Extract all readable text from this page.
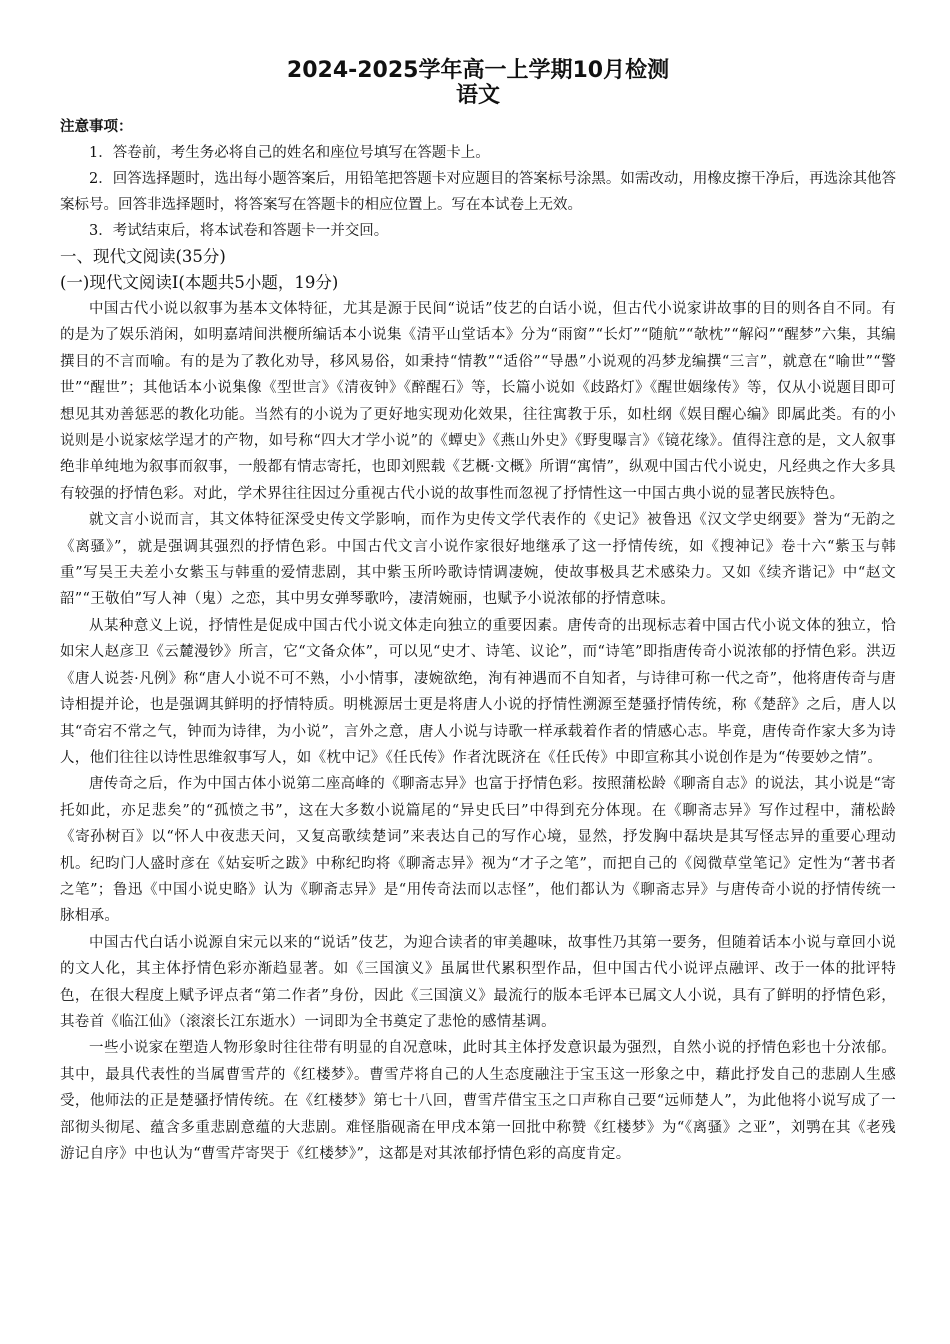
2024-2025学年高一上学期10月检测
语文
注意事项：

1．答卷前，考生务必将自己的姓名和座位号填写在答题卡上。

2．回答选择题时，选出每小题答案后，用铅笔把答题卡对应题目的答案标号涂黑。如需改动，用橡皮擦干净后，再选涂其他答案标号。回答非选择题时，将答案写在答题卡的相应位置上。写在本试卷上无效。

3．考试结束后，将本试卷和答题卡一并交回。

一、现代文阅读(35分)

(一)现代文阅读Ⅰ(本题共5小题，19分)

中国古代小说以叙事为基本文体特征，尤其是源于民间“说话”伎艺的白话小说，但古代小说家讲故事的目的则各自不同。有的是为了娱乐消闲，如明嘉靖间洪楩所编话本小说集《清平山堂话本》分为“雨窗”“长灯”“随航”“欹枕”“解闷”“醒梦”六集，其编撰目的不言而喻。有的是为了教化劝导，移风易俗，如秉持“情教”“适俗”“导愚”小说观的冯梦龙编撰“三言”，就意在“喻世”“警世”“醒世”；其他话本小说集像《型世言》《清夜钟》《醉醒石》等，长篇小说如《歧路灯》《醒世姻缘传》等，仅从小说题目即可想见其劝善惩恶的教化功能。当然有的小说为了更好地实现劝化效果，往往寓教于乐，如杜纲《娱目醒心编》即属此类。有的小说则是小说家炫学逞才的产物，如号称“四大才学小说”的《蟫史》《燕山外史》《野叟曝言》《镜花缘》。值得注意的是，文人叙事绝非单纯地为叙事而叙事，一般都有情志寄托，也即刘熙载《艺概·文概》所谓“寓情”，纵观中国古代小说史，凡经典之作大多具有较强的抒情色彩。对此，学术界往往因过分重视古代小说的故事性而忽视了抒情性这一中国古典小说的显著民族特色。

就文言小说而言，其文体特征深受史传文学影响，而作为史传文学代表作的《史记》被鲁迅《汉文学史纲要》誉为“无韵之《离骚》”，就是强调其强烈的抒情色彩。中国古代文言小说作家很好地继承了这一抒情传统，如《搜神记》卷十六“紫玉与韩重”写吴王夫差小女紫玉与韩重的爱情悲剧，其中紫玉所吟歌诗情调凄婉，使故事极具艺术感染力。又如《续齐谐记》中“赵文韶”“王敬伯”写人神（鬼）之恋，其中男女弹琴歌吟，凄清婉丽，也赋予小说浓郁的抒情意味。

从某种意义上说，抒情性是促成中国古代小说文体走向独立的重要因素。唐传奇的出现标志着中国古代小说文体的独立，恰如宋人赵彦卫《云麓漫钞》所言，它“文备众体”，可以见“史才、诗笔、议论”，而“诗笔”即指唐传奇小说浓郁的抒情色彩。洪迈《唐人说荟·凡例》称“唐人小说不可不熟，小小情事，凄婉欲绝，洵有神遇而不自知者，与诗律可称一代之奇”，他将唐传奇与唐诗相提并论，也是强调其鲜明的抒情特质。明桃源居士更是将唐人小说的抒情性溯源至楚骚抒情传统，称《楚辞》之后，唐人以其“奇宕不常之气，钟而为诗律，为小说”，言外之意，唐人小说与诗歌一样承载着作者的情感心志。毕竟，唐传奇作家大多为诗人，他们往往以诗性思维叙事写人，如《枕中记》《任氏传》作者沈既济在《任氏传》中即宣称其小说创作是为“传要妙之情”。

唐传奇之后，作为中国古体小说第二座高峰的《聊斋志异》也富于抒情色彩。按照蒲松龄《聊斋自志》的说法，其小说是“寄托如此，亦足悲矣”的“孤愤之书”，这在大多数小说篇尾的“异史氏曰”中得到充分体现。在《聊斋志异》写作过程中，蒲松龄《寄孙树百》以“怀人中夜悲天问，又复高歌续楚词”来表达自己的写作心境，显然，抒发胸中磊块是其写怪志异的重要心理动机。纪昀门人盛时彦在《姑妄听之跋》中称纪昀将《聊斋志异》视为“才子之笔”，而把自己的《阅微草堂笔记》定性为“著书者之笔”；鲁迅《中国小说史略》认为《聊斋志异》是“用传奇法而以志怪”，他们都认为《聊斋志异》与唐传奇小说的抒情传统一脉相承。

中国古代白话小说源自宋元以来的“说话”伎艺，为迎合读者的审美趣味，故事性乃其第一要务，但随着话本小说与章回小说的文人化，其主体抒情色彩亦渐趋显著。如《三国演义》虽属世代累积型作品，但中国古代小说评点融评、改于一体的批评特色，在很大程度上赋予评点者“第二作者”身份，因此《三国演义》最流行的版本毛评本已属文人小说，具有了鲜明的抒情色彩，其卷首《临江仙》（滚滚长江东逝水）一词即为全书奠定了悲怆的感情基调。

一些小说家在塑造人物形象时往往带有明显的自况意味，此时其主体抒发意识最为强烈，自然小说的抒情色彩也十分浓郁。其中，最具代表性的当属曹雪芹的《红楼梦》。曹雪芹将自己的人生态度融注于宝玉这一形象之中，藉此抒发自己的悲剧人生感受，他师法的正是楚骚抒情传统。在《红楼梦》第七十八回，曹雪芹借宝玉之口声称自己要“远师楚人”，为此他将小说写成了一部彻头彻尾、蕴含多重悲剧意蕴的大悲剧。难怪脂砚斋在甲戌本第一回批中称赞《红楼梦》为“《离骚》之亚”，刘鹗在其《老残游记自序》中也认为“曹雪芹寄哭于《红楼梦》”，这都是对其浓郁抒情色彩的高度肯定。
